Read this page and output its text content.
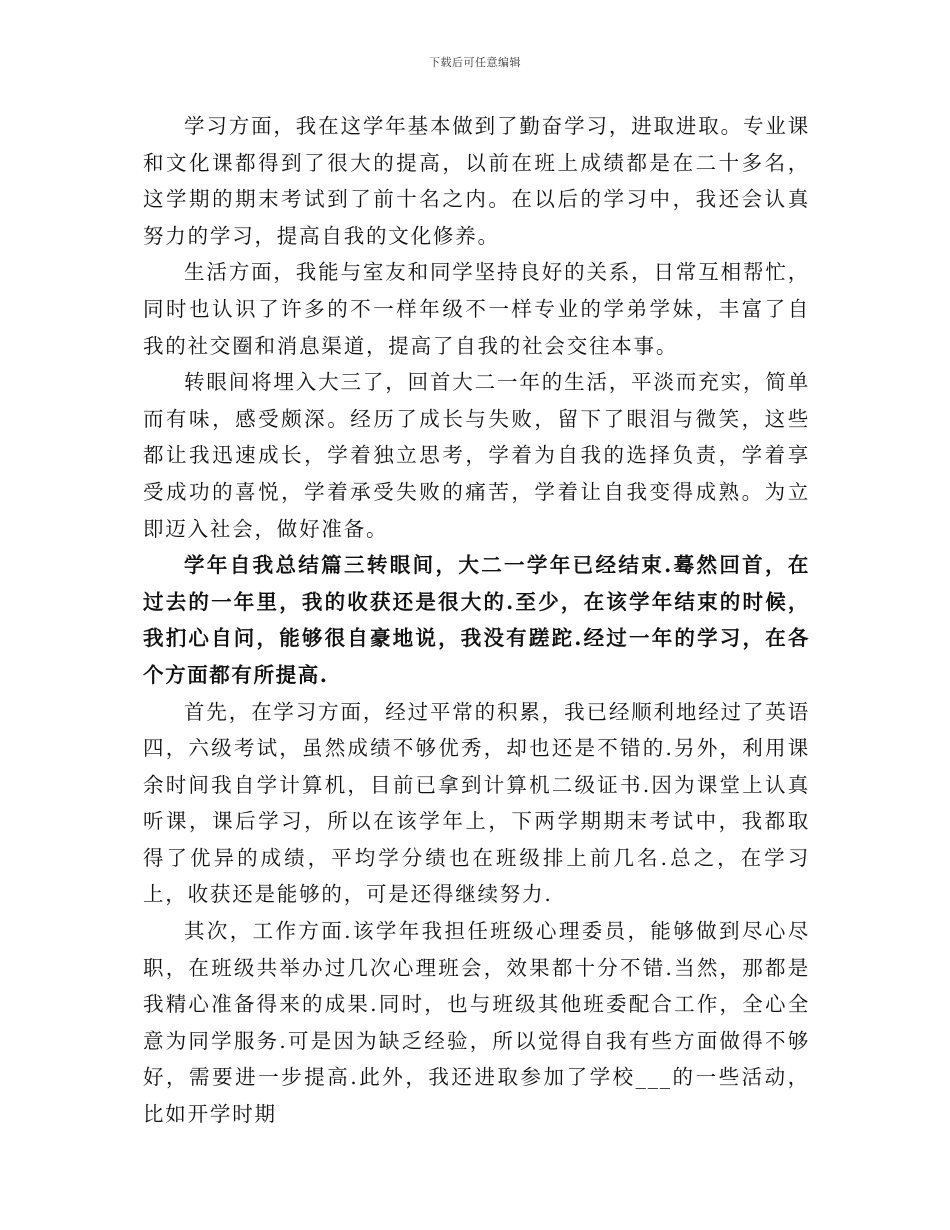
下载后可任意编辑

学习方面，我在这学年基本做到了勤奋学习，进取进取。专业课和文化课都得到了很大的提高，以前在班上成绩都是在二十多名，这学期的期末考试到了前十名之内。在以后的学习中，我还会认真努力的学习，提高自我的文化修养。

生活方面，我能与室友和同学坚持良好的关系，日常互相帮忙，同时也认识了许多的不一样年级不一样专业的学弟学妹，丰富了自我的社交圈和消息渠道，提高了自我的社会交往本事。

转眼间将埋入大三了，回首大二一年的生活，平淡而充实，简单而有味，感受颇深。经历了成长与失败，留下了眼泪与微笑，这些都让我迅速成长，学着独立思考，学着为自我的选择负责，学着享受成功的喜悦，学着承受失败的痛苦，学着让自我变得成熟。为立即迈入社会，做好准备。

学年自我总结篇三转眼间，大二一学年已经结束.蓦然回首，在过去的一年里，我的收获还是很大的.至少，在该学年结束的时候，我扪心自问，能够很自豪地说，我没有蹉跎.经过一年的学习，在各个方面都有所提高.

首先，在学习方面，经过平常的积累，我已经顺利地经过了英语四，六级考试，虽然成绩不够优秀，却也还是不错的.另外，利用课余时间我自学计算机，目前已拿到计算机二级证书.因为课堂上认真听课，课后学习，所以在该学年上，下两学期期末考试中，我都取得了优异的成绩，平均学分绩也在班级排上前几名.总之，在学习上，收获还是能够的，可是还得继续努力.

其次，工作方面.该学年我担任班级心理委员，能够做到尽心尽职，在班级共举办过几次心理班会，效果都十分不错.当然，那都是我精心准备得来的成果.同时，也与班级其他班委配合工作，全心全意为同学服务.可是因为缺乏经验，所以觉得自我有些方面做得不够好，需要进一步提高.此外，我还进取参加了学校___的一些活动，比如开学时期
